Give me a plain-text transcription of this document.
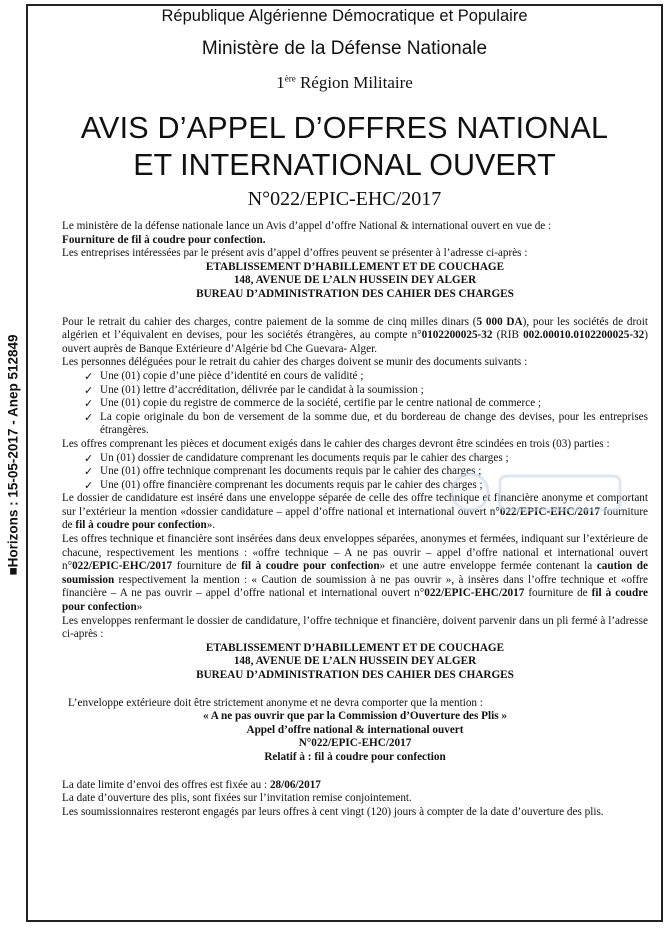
■Horizons : 15-05-2017 - Anep 512849
République Algérienne Démocratique et Populaire
Ministère de la Défense Nationale
1ère Région Militaire
AVIS D’APPEL D’OFFRES NATIONAL
ET INTERNATIONAL OUVERT
N°022/EPIC-EHC/2017

Le ministère de la défense nationale lance un Avis d’appel d’offre National & international ouvert en vue de :

Fourniture de fil à coudre pour confection.

Les entreprises intéressées par le présent avis d’appel d’offres peuvent se présenter à l’adresse ci-après :

ETABLISSEMENT D’HABILLEMENT ET DE COUCHAGE

148, AVENUE DE L’ALN HUSSEIN DEY ALGER

BUREAU D’ADMINISTRATION DES CAHIER DES CHARGES

Pour le retrait du cahier des charges, contre paiement de la somme de cinq milles dinars (5 000 DA), pour les sociétés de droit algérien et l’équivalent en devises, pour les sociétés étrangères, au compte n°0102200025-32 (RIB 002.00010.0102200025-32) ouvert auprès de Banque Extérieure d’Algérie bd Che Guevara- Alger.

Les personnes déléguées pour le retrait du cahier des charges doivent se munir des documents suivants :

✓ Une (01) copie d’une pièce d’identité en cours de validité ;
✓ Une (01) lettre d’accréditation, délivrée par le candidat à la soumission ;
✓ Une (01) copie du registre de commerce de la société, certifie par le centre national de commerce ;
✓ La copie originale du bon de versement de la somme due, et du bordereau de change des devises, pour les entreprises étrangères.

Les offres comprenant les pièces et document exigés dans le cahier des charges devront être scindées en trois (03) parties :

✓ Un (01) dossier de candidature comprenant les documents requis par le cahier des charges ;
✓ Une (01) offre technique comprenant les documents requis par le cahier des charges ;
✓ Une (01) offre financière comprenant les documents requis par le cahier des charges ;

Le dossier de candidature est inséré dans une enveloppe séparée de celle des offre technique et financière anonyme et comportant sur l’extérieur la mention «dossier candidature – appel d’offre national et international ouvert n°022/EPIC-EHC/2017 fourniture de fil à coudre pour confection».

Les offres technique et financière sont insérées dans deux enveloppes séparées, anonymes et fermées, indiquant sur l’extérieure de chacune, respectivement les mentions : «offre technique – A ne pas ouvrir – appel d’offre national et international ouvert n°022/EPIC-EHC/2017 fourniture de fil à coudre pour confection» et une autre enveloppe fermée contenant la caution de soumission respectivement la mention : « Caution de soumission à ne pas ouvrir », à insères dans l’offre technique et «offre financière – A ne pas ouvrir – appel d’offre national et international ouvert n°022/EPIC-EHC/2017 fourniture de fil à coudre pour confection»

Les enveloppes renfermant le dossier de candidature, l’offre technique et financière, doivent parvenir dans un pli fermé à l’adresse ci-après :

ETABLISSEMENT D’HABILLEMENT ET DE COUCHAGE

148, AVENUE DE L’ALN HUSSEIN DEY ALGER

BUREAU D’ADMINISTRATION DES CAHIER DES CHARGES

L’enveloppe extérieure doit être strictement anonyme et ne devra comporter que la mention :

« A ne pas ouvrir que par la Commission d’Ouverture des Plis »

Appel d’offre national & international ouvert

N°022/EPIC-EHC/2017

Relatif à : fil à coudre pour confection

La date limite d’envoi des offres est fixée au : 28/06/2017

La date d’ouverture des plis, sont fixées sur l’invitation remise conjointement.

Les soumissionnaires resteront engagés par leurs offres à cent vingt (120) jours à compter de la date d’ouverture des plis.
